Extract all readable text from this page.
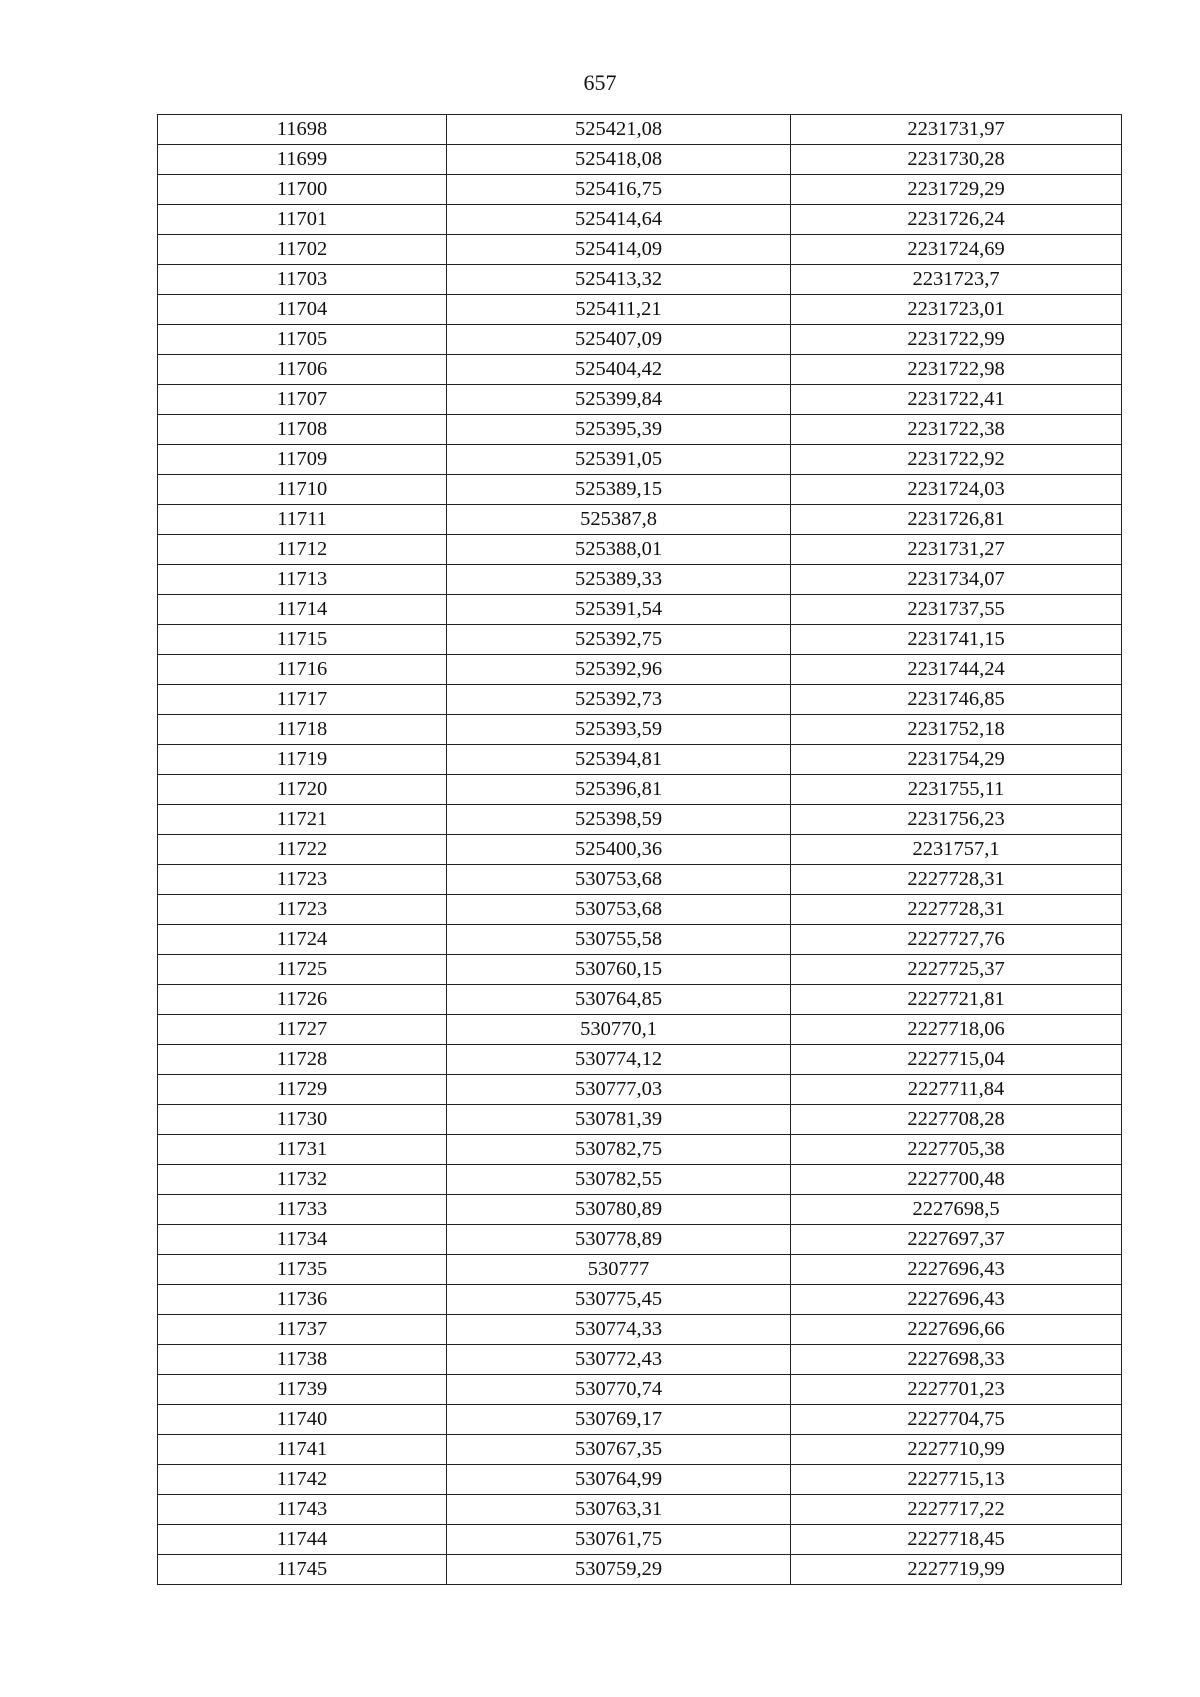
657
11698	525421,08	2231731,97
11699	525418,08	2231730,28
11700	525416,75	2231729,29
11701	525414,64	2231726,24
11702	525414,09	2231724,69
11703	525413,32	2231723,7
11704	525411,21	2231723,01
11705	525407,09	2231722,99
11706	525404,42	2231722,98
11707	525399,84	2231722,41
11708	525395,39	2231722,38
11709	525391,05	2231722,92
11710	525389,15	2231724,03
11711	525387,8	2231726,81
11712	525388,01	2231731,27
11713	525389,33	2231734,07
11714	525391,54	2231737,55
11715	525392,75	2231741,15
11716	525392,96	2231744,24
11717	525392,73	2231746,85
11718	525393,59	2231752,18
11719	525394,81	2231754,29
11720	525396,81	2231755,11
11721	525398,59	2231756,23
11722	525400,36	2231757,1
11723	530753,68	2227728,31
11723	530753,68	2227728,31
11724	530755,58	2227727,76
11725	530760,15	2227725,37
11726	530764,85	2227721,81
11727	530770,1	2227718,06
11728	530774,12	2227715,04
11729	530777,03	2227711,84
11730	530781,39	2227708,28
11731	530782,75	2227705,38
11732	530782,55	2227700,48
11733	530780,89	2227698,5
11734	530778,89	2227697,37
11735	530777	2227696,43
11736	530775,45	2227696,43
11737	530774,33	2227696,66
11738	530772,43	2227698,33
11739	530770,74	2227701,23
11740	530769,17	2227704,75
11741	530767,35	2227710,99
11742	530764,99	2227715,13
11743	530763,31	2227717,22
11744	530761,75	2227718,45
11745	530759,29	2227719,99
